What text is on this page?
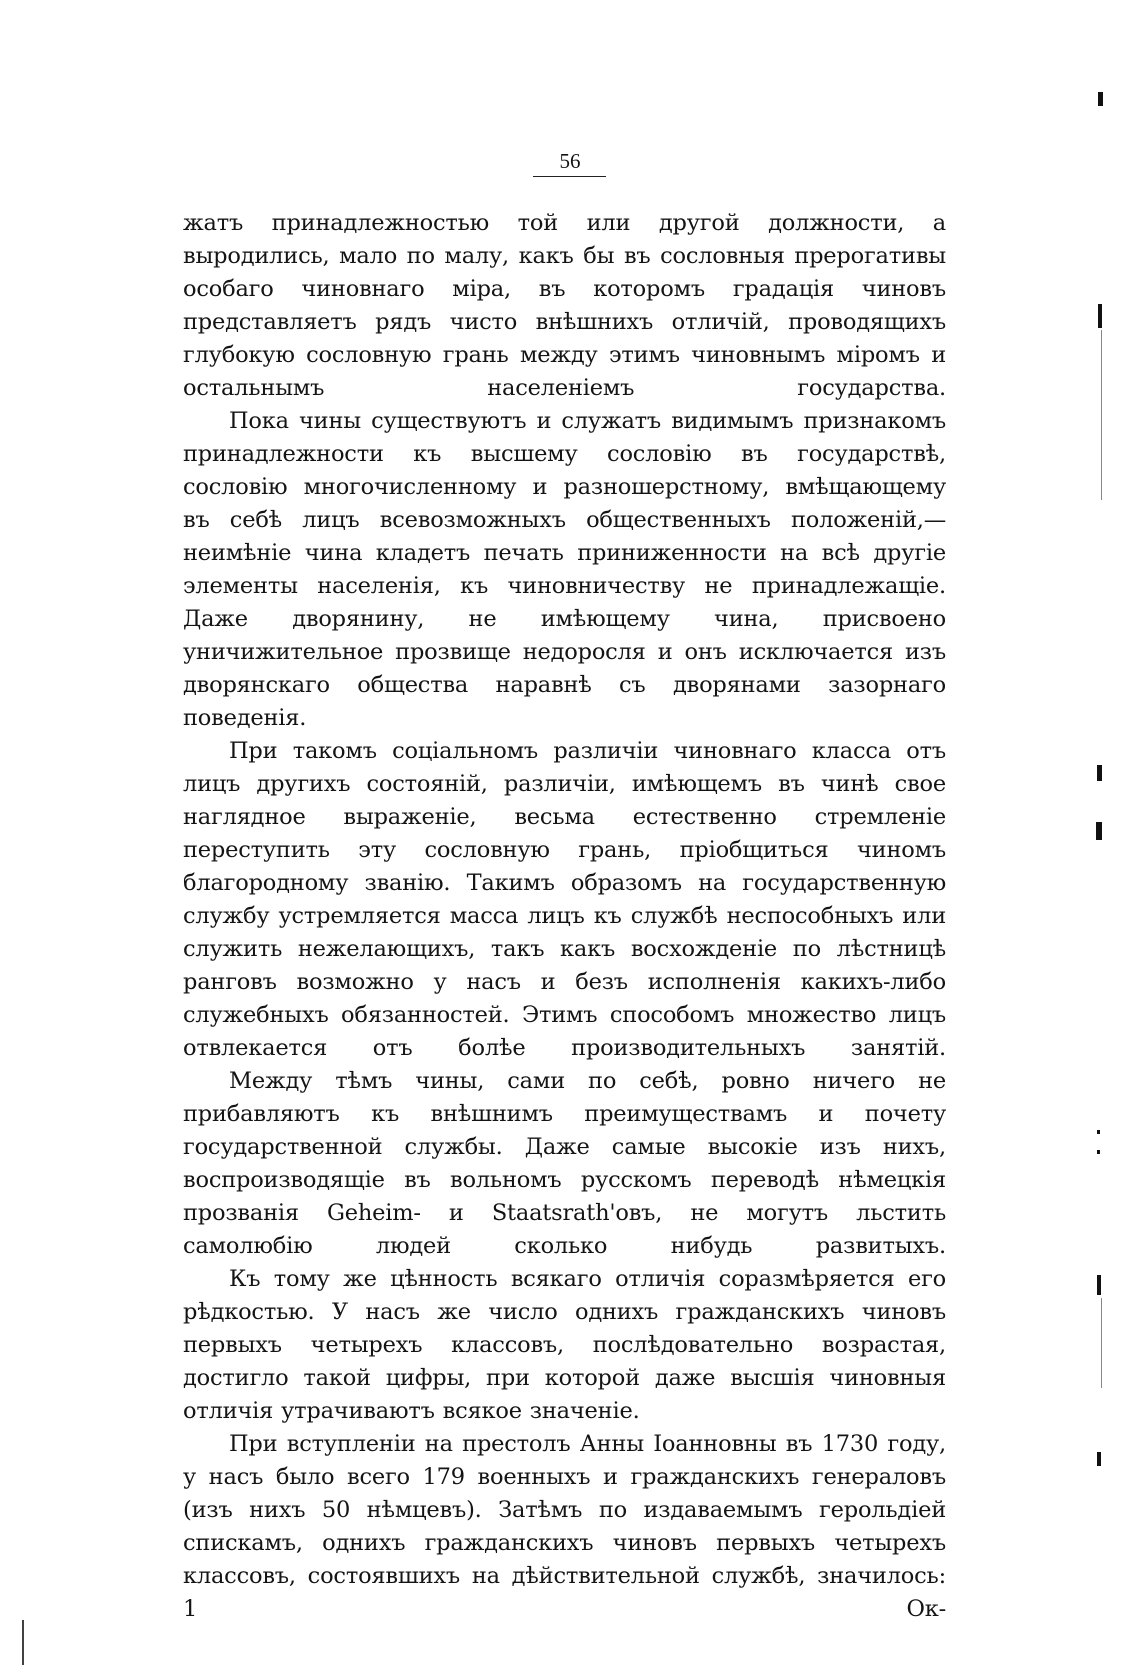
56

жатъ принадлежностью той или другой должности, а выродились, мало по малу, какъ бы въ сословныя прерогативы особаго чиновнаго міра, въ которомъ градація чиновъ представляетъ рядъ чисто внѣшнихъ отличій, проводящихъ глубокую сословную грань между этимъ чиновнымъ міромъ и остальнымъ населеніемъ государства.

Пока чины существуютъ и служатъ видимымъ признакомъ принадлежности къ высшему сословію въ государствѣ, сословію многочисленному и разношерстному, вмѣщающему въ себѣ лицъ всевозможныхъ общественныхъ положеній,— неимѣніе чина кладетъ печать приниженности на всѣ другіе элементы населенія, къ чиновничеству не принадлежащіе. Даже дворянину, не имѣющему чина, присвоено уничижительное прозвище недоросля и онъ исключается изъ дворянскаго общества наравнѣ съ дворянами зазорнаго поведенія.

При такомъ соціальномъ различіи чиновнаго класса отъ лицъ другихъ состояній, различіи, имѣющемъ въ чинѣ свое наглядное выраженіе, весьма естественно стремленіе переступить эту сословную грань, пріобщиться чиномъ благородному званію. Такимъ образомъ на государственную службу устремляется масса лицъ къ службѣ неспособныхъ или служить нежелающихъ, такъ какъ восхожденіе по лѣстницѣ ранговъ возможно у насъ и безъ исполненія какихъ-либо служебныхъ обязанностей. Этимъ способомъ множество лицъ отвлекается отъ болѣе производительныхъ занятій.

Между тѣмъ чины, сами по себѣ, ровно ничего не прибавляютъ къ внѣшнимъ преимуществамъ и почету государственной службы. Даже самые высокіе изъ нихъ, воспроизводящіе въ вольномъ русскомъ переводѣ нѣмецкія прозванія Geheim- и Staatsrath'овъ, не могутъ льстить самолюбію людей сколько нибудь развитыхъ.

Къ тому же цѣнность всякаго отличія соразмѣряется его рѣдкостью. У насъ же число однихъ гражданскихъ чиновъ первыхъ четырехъ классовъ, послѣдовательно возрастая, достигло такой цифры, при которой даже высшія чиновныя отличія утрачиваютъ всякое значеніе.

При вступленіи на престолъ Анны Іоанновны въ 1730 году, у насъ было всего 179 военныхъ и гражданскихъ генераловъ (изъ нихъ 50 нѣмцевъ). Затѣмъ по издаваемымъ герольдіей спискамъ, однихъ гражданскихъ чиновъ первыхъ четырехъ классовъ, состоявшихъ на дѣйствительной службѣ, значилось: 1 Ок-
